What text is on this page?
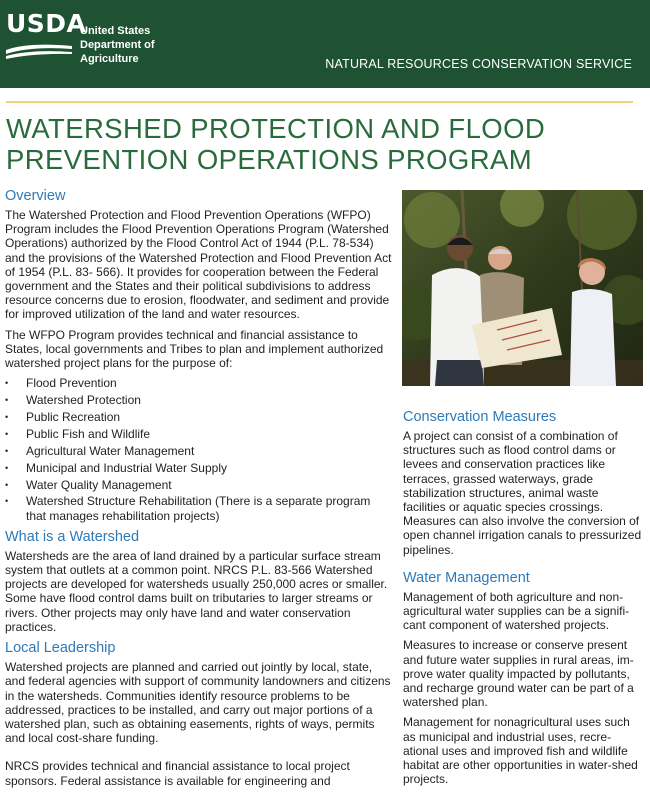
USDA
United States
Department of
Agriculture	NATURAL RESOURCES CONSERVATION SERVICE
WATERSHED PROTECTION AND FLOOD
PREVENTION OPERATIONS PROGRAM
Overview

The Watershed Protection and Flood Prevention Operations (WFPO) Program includes the Flood Prevention Operations Program (Watershed Operations) authorized by the Flood Control Act of 1944 (P.L. 78-534) and the provisions of the Watershed Protection and Flood Prevention Act of 1954 (P.L. 83- 566). It provides for cooperation between the Federal government and the States and their political subdivisions to address resource concerns due to erosion, floodwater, and sediment and provide for improved utilization of the land and water resources.

The WFPO Program provides technical and financial assistance to States, local governments and Tribes to plan and implement authorized watershed project plans for the purpose of:

• Flood Prevention
• Watershed Protection
• Public Recreation
• Public Fish and Wildlife
• Agricultural Water Management
• Municipal and Industrial Water Supply
• Water Quality Management
• Watershed Structure Rehabilitation (There is a separate program that manages rehabilitation projects)
What is a Watershed

Watersheds are the area of land drained by a particular surface stream system that outlets at a common point. NRCS P.L. 83-566 Watershed projects are developed for watersheds usually 250,000 acres or smaller. Some have flood control dams built on tributaries to larger streams or rivers. Other projects may only have land and water conservation practices.

Local Leadership

Watershed projects are planned and carried out jointly by local, state, and federal agencies with support of community landowners and citizens in the watersheds. Communities identify resource problems to be addressed, practices to be installed, and carry out major portions of a watershed plan, such as obtaining easements, rights of ways, permits and local cost-share funding.

NRCS provides technical and financial assistance to local project sponsors. Federal assistance is available for engineering and

Conservation Measures

A project can consist of a combination of structures such as flood control dams or levees and conservation practices like terraces, grassed waterways, grade stabilization structures, animal waste facilities or aquatic species crossings. Measures can also involve the conversion of open channel irrigation canals to pressurized pipelines.

Water Management

Management of both agriculture and non-agricultural water supplies can be a signifi-cant component of watershed projects.

Measures to increase or conserve present and future water supplies in rural areas, im-prove water quality impacted by pollutants, and recharge ground water can be part of a watershed plan.

Management for nonagricultural uses such as municipal and industrial uses, recre-ational uses and improved fish and wildlife habitat are other opportunities in water-shed projects.
